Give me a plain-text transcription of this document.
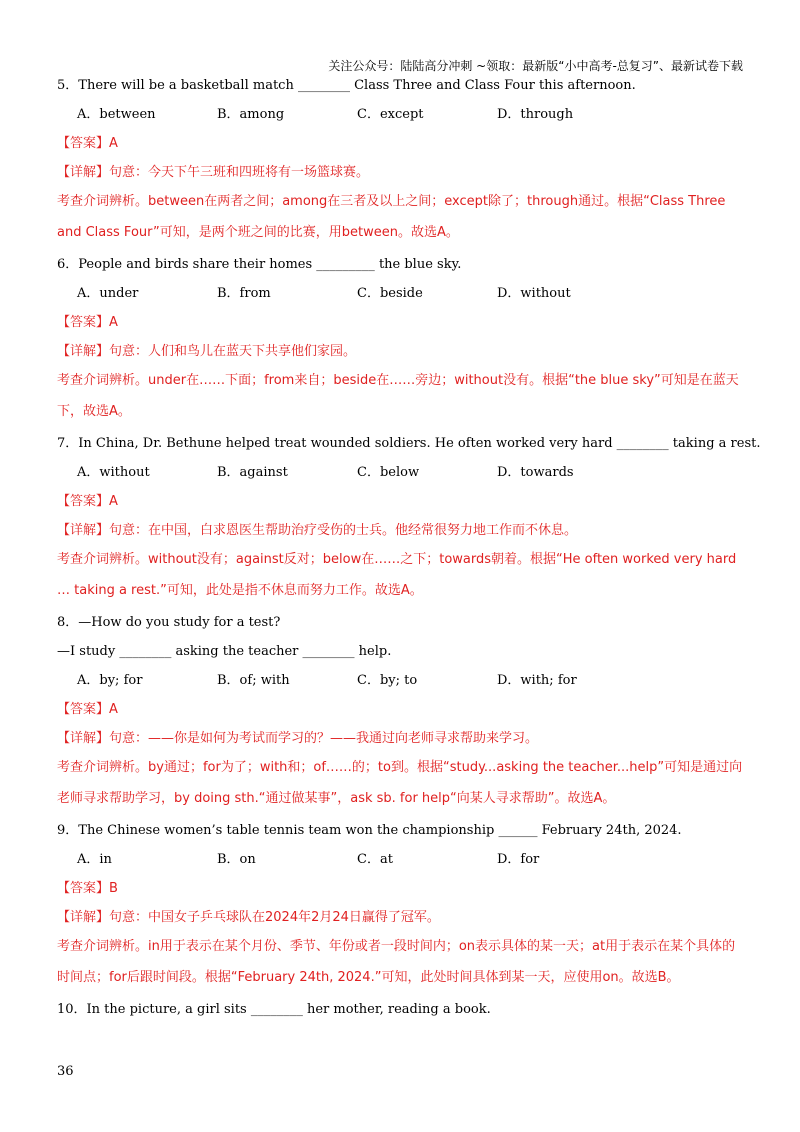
关注公众号：陆陆高分冲刺 ~领取：最新版“小中高考-总复习”、最新试卷下载

5．There will be a basketball match ________ Class Three and Class Four this afternoon.

A．between	B．among	C．except	D．through
【答案】A
【详解】句意：今天下午三班和四班将有一场篮球赛。
考查介词辨析。between在两者之间；among在三者及以上之间；except除了；through通过。根据“Class Three and Class Four”可知，是两个班之间的比赛，用between。故选A。

6．People and birds share their homes _________ the blue sky.

A．under	B．from	C．beside	D．without
【答案】A
【详解】句意：人们和鸟儿在蓝天下共享他们家园。
考查介词辨析。under在……下面；from来自；beside在……旁边；without没有。根据“the blue sky”可知是在蓝天下，故选A。

7．In China, Dr. Bethune helped treat wounded soldiers. He often worked very hard ________ taking a rest.

A．without	B．against	C．below	D．towards
【答案】A
【详解】句意：在中国，白求恩医生帮助治疗受伤的士兵。他经常很努力地工作而不休息。
考查介词辨析。without没有；against反对；below在……之下；towards朝着。根据“He often worked very hard … taking a rest.”可知，此处是指不休息而努力工作。故选A。

8．—How do you study for a test?

—I study ________ asking the teacher ________ help.

A．by; for	B．of; with	C．by; to	D．with; for
【答案】A
【详解】句意：——你是如何为考试而学习的？——我通过向老师寻求帮助来学习。
考查介词辨析。by通过；for为了；with和；of……的；to到。根据“study...asking the teacher...help”可知是通过向老师寻求帮助学习，by doing sth.“通过做某事”，ask sb. for help“向某人寻求帮助”。故选A。

9．The Chinese women’s table tennis team won the championship ______ February 24th, 2024.

A．in	B．on	C．at	D．for
【答案】B
【详解】句意：中国女子乒乓球队在2024年2月24日赢得了冠军。
考查介词辨析。in用于表示在某个月份、季节、年份或者一段时间内；on表示具体的某一天；at用于表示在某个具体的时间点；for后跟时间段。根据“February 24th, 2024.”可知，此处时间具体到某一天，应使用on。故选B。

10．In the picture, a girl sits ________ her mother, reading a book.

36
